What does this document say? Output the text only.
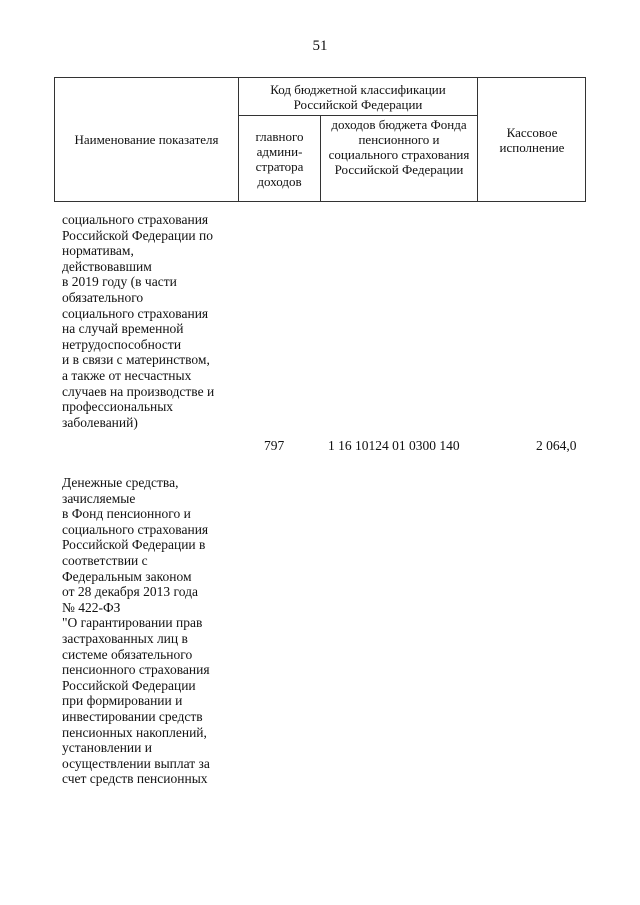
51
Наименование показателя
Код бюджетной классификации Российской Федерации
главного админи-стратора доходов
доходов бюджета Фонда пенсионного и социального страхования Российской Федерации
Кассовое исполнение
социального страхования
Российской Федерации по
нормативам,
действовавшим
в 2019 году (в части
обязательного
социального страхования
на случай временной
нетрудоспособности
и в связи с материнством,
а также от несчастных
случаев на производстве и
профессиональных
заболеваний)
797	1 16 10124 01 0300 140	2 064,0
Денежные средства,
зачисляемые
в Фонд пенсионного и
социального страхования
Российской Федерации в
соответствии с
Федеральным законом
от 28 декабря 2013 года
№ 422-ФЗ
"О гарантировании прав
застрахованных лиц в
системе обязательного
пенсионного страхования
Российской Федерации
при формировании и
инвестировании средств
пенсионных накоплений,
установлении и
осуществлении выплат за
счет средств пенсионных
